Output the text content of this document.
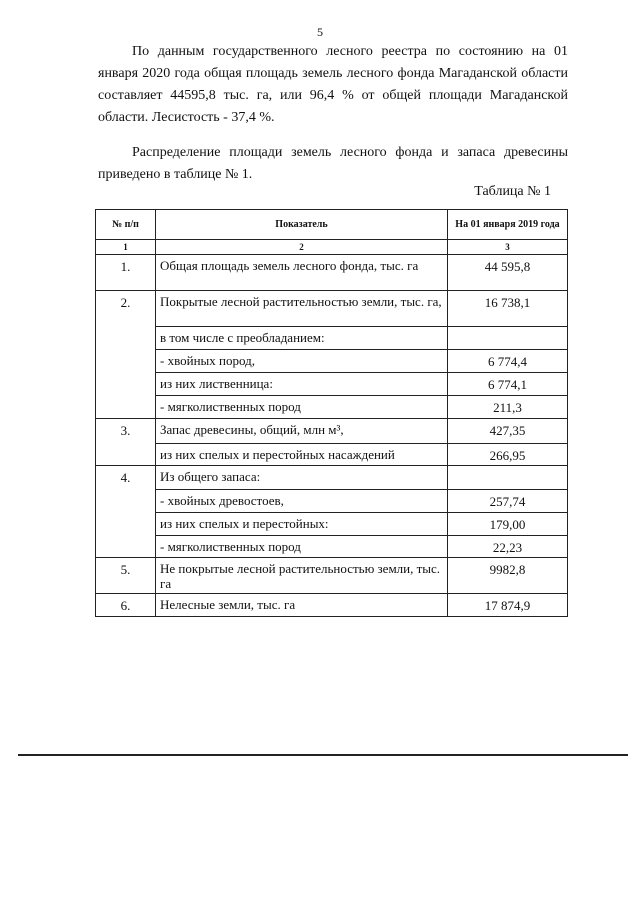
5
По данным государственного лесного реестра по состоянию на 01 января 2020 года общая площадь земель лесного фонда Магаданской области составляет 44595,8 тыс. га, или 96,4 % от общей площади Магаданской области. Лесистость - 37,4 %.
Распределение площади земель лесного фонда и запаса древесины приведено в таблице № 1.
Таблица № 1
№ п/п	Показатель	На 01 января 2019 года
1	2	3
1.	Общая площадь земель лесного фонда, тыс. га	44 595,8
2.	Покрытые лесной растительностью земли, тыс. га,	16 738,1
	в том числе с преобладанием:	
	- хвойных пород,	6 774,4
	из них лиственница:	6 774,1
	- мягколиственных пород	211,3
3.	Запас древесины, общий, млн м³,	427,35
	из них спелых и перестойных насаждений	266,95
4.	Из общего запаса:	
	- хвойных древостоев,	257,74
	из них спелых и перестойных:	179,00
	- мягколиственных пород	22,23
5.	Не покрытые лесной растительностью земли, тыс. га	9982,8
6.	Нелесные земли, тыс. га	17 874,9
